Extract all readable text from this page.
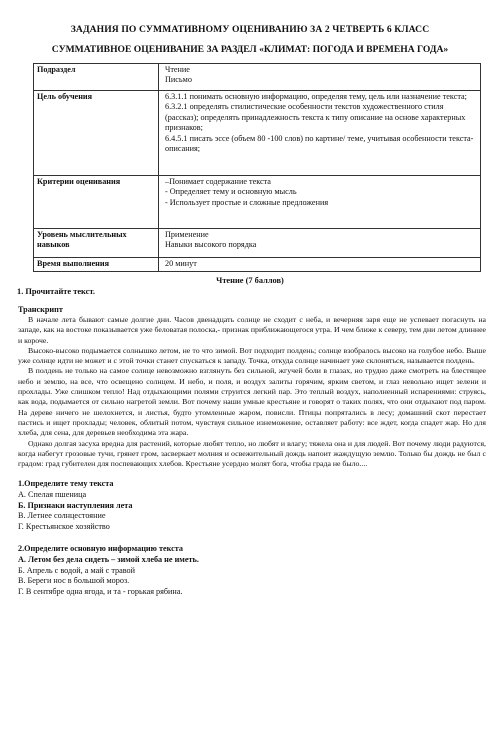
ЗАДАНИЯ ПО СУММАТИВНОМУ ОЦЕНИВАНИЮ ЗА 2 ЧЕТВЕРТЬ 6 КЛАСС
СУММАТИВНОЕ ОЦЕНИВАНИЕ ЗА РАЗДЕЛ «КЛИМАТ: ПОГОДА И ВРЕМЕНА ГОДА»
Подраздел	Чтение
Письмо

Цель обучения	6.3.1.1 понимать основную информацию, определяя тему, цель или назначение текста;
6.3.2.1 определять стилистические особенности текстов художественного стиля (рассказ); определять принадлежность текста к типу описание на основе характерных признаков;
6.4.5.1 писать эссе (объем 80 -100 слов) по картине/ теме, учитывая особенности текста- описания;

Критерии оценивания	–Понимает содержание текста
- Определяет тему и основную мысль
- Использует простые и сложные предложения

Уровень мыслительных навыков	Применение
Навыки высокого порядка

Время выполнения	20 минут
Чтение (7 баллов)
1. Прочитайте текст.
Транскрипт

В начале лета бывают самые долгие дни. Часов двенадцать солнце не сходит с неба, и вечерняя заря еще не успевает погаснуть на западе, как на востоке показывается уже беловатая полоска,- признак приближающегося утра. И чем ближе к северу, тем дни летом длиннее и короче.

Высоко-высоко подымается солнышко летом, не то что зимой. Вот подходит полдень; солнце взобралось высоко на голубое небо. Выше уже солнце идти не может и с этой точки станет спускаться к западу. Точка, откуда солнце начинает уже склоняться, называется полдень.

В полдень не только на самое солнце невозможно взглянуть без сильной, жгучей боли в глазах, но трудно даже смотреть на блестящее небо и землю, на все, что освещено солнцем. И небо, и поля, и воздух залиты горячим, ярким светом, и глаз невольно ищет зелени и прохлады. Уже слишком тепло! Над отдыхающими полями струится легкий пар. Это теплый воздух, наполненный испарениями: струясь, как вода, подымается от сильно нагретой земли. Вот почему наши умные крестьяне и говорят о таких полях, что они отдыхают под паром. На дереве ничего не шелохнется, и листья, будто утомленные жаром, повисли. Птицы попрятались в лесу; домашний скот перестает пастись и ищет прохлады; человек, облитый потом, чувствуя сильное изнеможение, оставляет работу: все ждет, когда спадет жар. Но для хлеба, для сена, для деревьев необходима эта жара.

Однако долгая засуха вредна для растений, которые любят тепло, но любят и влагу; тяжела она и для людей. Вот почему люди радуются, когда набегут грозовые тучи, грянет гром, засверкает молния и освежительный дождь напоит жаждущую землю. Только бы дождь не был с градом: град губителен для поспевающих хлебов. Крестьяне усердно молят бога, чтобы града не было....

1.Определите тему текста
А. Спелая пшеница
Б. Признаки наступления лета
В. Летнее солнцестояние
Г. Крестьянское хозяйство
2.Определите основную информацию текста
А. Летом без дела сидеть – зимой хлеба не иметь.
Б. Апрель с водой, а май с травой
В. Береги нос в большой мороз.
Г. В сентябре одна ягода, и та - горькая рябина.
